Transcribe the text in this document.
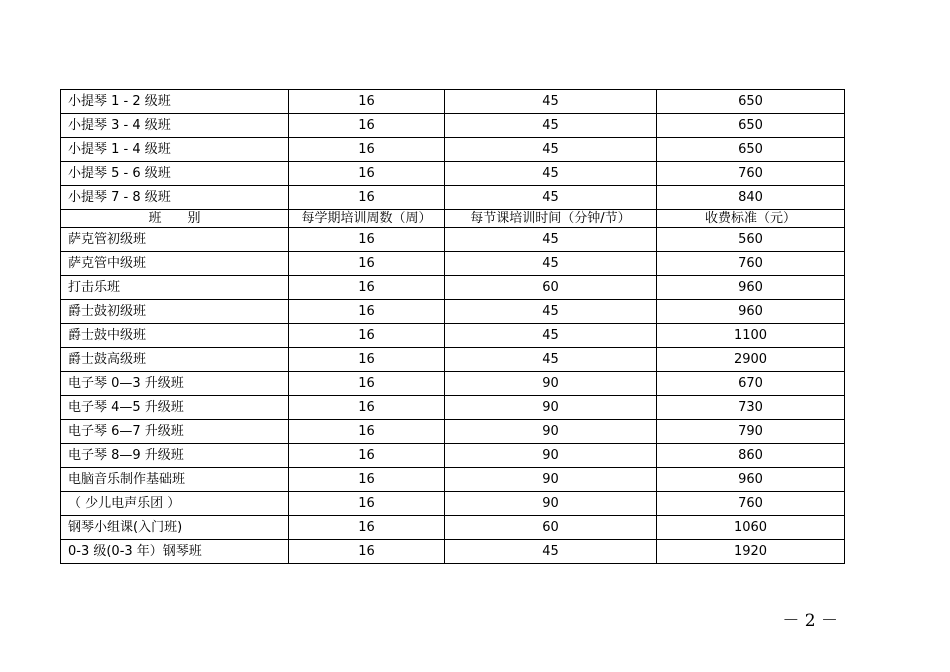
小提琴 1 - 2 级班	16	45	650
小提琴 3 - 4 级班	16	45	650
小提琴 1 - 4 级班	16	45	650
小提琴 5 - 6 级班	16	45	760
小提琴 7 - 8 级班	16	45	840
班　　别	每学期培训周数（周）	每节课培训时间（分钟/节）	收费标准（元）
萨克管初级班	16	45	560
萨克管中级班	16	45	760
打击乐班	16	60	960
爵士鼓初级班	16	45	960
爵士鼓中级班	16	45	1100
爵士鼓高级班	16	45	2900
电子琴 0—3 升级班	16	90	670
电子琴 4—5 升级班	16	90	730
电子琴 6—7 升级班	16	90	790
电子琴 8—9 升级班	16	90	860
电脑音乐制作基础班	16	90	960
（ 少儿电声乐团 ）	16	90	760
钢琴小组课(入门班)	16	60	1060
0-3 级(0-3 年）钢琴班	16	45	1920
－ 2 －
